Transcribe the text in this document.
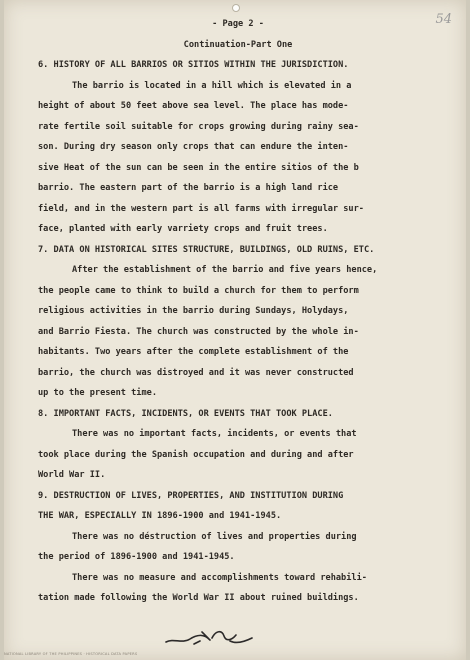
54
- Page 2 -
Continuation-Part One
6. HISTORY OF ALL BARRIOS OR SITIOS WITHIN THE JURISDICTION.
The barrio is located in a hill which is elevated in a
height of about 50 feet above sea level. The place has mode-
rate fertile soil suitable for crops growing during rainy sea-
son. During dry season only crops that can endure the inten-
sive Heat of the sun can be seen in the entire sitios of the b
barrio. The eastern part of the barrio is a high land rice
field, and in the western part is all farms with irregular sur-
face, planted with early varriety crops and fruit trees.
7. DATA ON HISTORICAL SITES STRUCTURE, BUILDINGS, OLD RUINS, ETC.
After the establishment of the barrio and five years hence,
the people came to think to build a church for them to perform
religious activities in the barrio during Sundays, Holydays,
and Barrio Fiesta. The church was constructed by the whole in-
habitants. Two years after the complete establishment of the
barrio, the church was distroyed and it was never constructed
up to the present time.
8. IMPORTANT FACTS, INCIDENTS, OR EVENTS THAT TOOK PLACE.
There was no important facts, incidents, or events that
took place during the Spanish occupation and during and after
World War II.
9. DESTRUCTION OF LIVES, PROPERTIES, AND INSTITUTION DURING
THE WAR, ESPECIALLY IN 1896-1900 and 1941-1945.
There was no déstruction of lives and properties during
the period of 1896-1900 and 1941-1945.
There was no measure and accomplishments toward rehabili-
tation made following the World War II about ruined buildings.
NATIONAL LIBRARY OF THE PHILIPPINES · HISTORICAL DATA PAPERS
